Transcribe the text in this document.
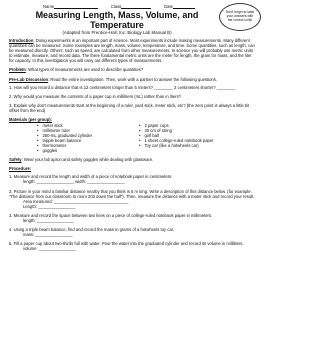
Name	Class	Date
Don't forget to label your answers with the correct units!
Measuring Length, Mass, Volume, and Temperature
(Adapted from Prentice-Hall, Inc. Biology Lab Manual B)

Introduction: Doing experiments is an important part of science. Most experiments include making measurements. Many different quantities can be measured. Some examples are length, mass, volume, temperature, and time. Some quantities, such as length, can be measured directly. Others, such as speed, are calculated from other measurements. In science you will probably use metric units to estimate, measure, and record data. The three fundamental metric units are the meter for length, the gram for mass, and the liter for capacity. In this investigation you will carry out different types of measurements.

Problem: What types of measurements are used to describe quantities?

Pre-Lab Discussion: Read the entire investigation. Then, work with a partner to answer the following questions.

1. How will you record a distance that is 12 centimeters longer than 5 meters? ________ 2 centimeters shorter? ________

2. Why would you measure the contents of a paper cup in milliliters (mL) rather than in liters?

3. Explain why don't measurements start at the beginning of a ruler, yard stick, meter stick, etc? (the zero point is always a little bit offset from the end)

Materials (per group):

• meter stick
• millimeter ruler
• 250-mL graduated cylinder
• tripple beam balance
• thermometer
• goggles
• 2 paper cups
• 30 cm of string
• golf ball
• 1 sheet college-ruled notebook paper
• Toy car (like a hotwheels car)

Safety: Wear your lab apron and safety goggles while dealing with glassware.

Procedure:

1. Measure and record the length and width of a piece of notebook paper in centimeters.

length: ________________ width: ________________

2. Picture in your mind a familiar distance nearby that you think is 5 m long. Write a description of this distance below. (for example: "The distance from our classroom to room 203 down the hall"). Then, measure the distance with a meter stick and record your result.

Area measured: ________________________________

Length: ________________

3. Measure and record the space between two lines on a piece of college-ruled notebook paper in millimeters.

length: ________________

4. Using a triple beam balance, find and record the mass in grams of a hotwheels toy car.

mass: ________________

5. Fill a paper cup about two-thirds full with water. Pour the water into the graduated cylinder and record its volume in milliliters.

volume: ________________
